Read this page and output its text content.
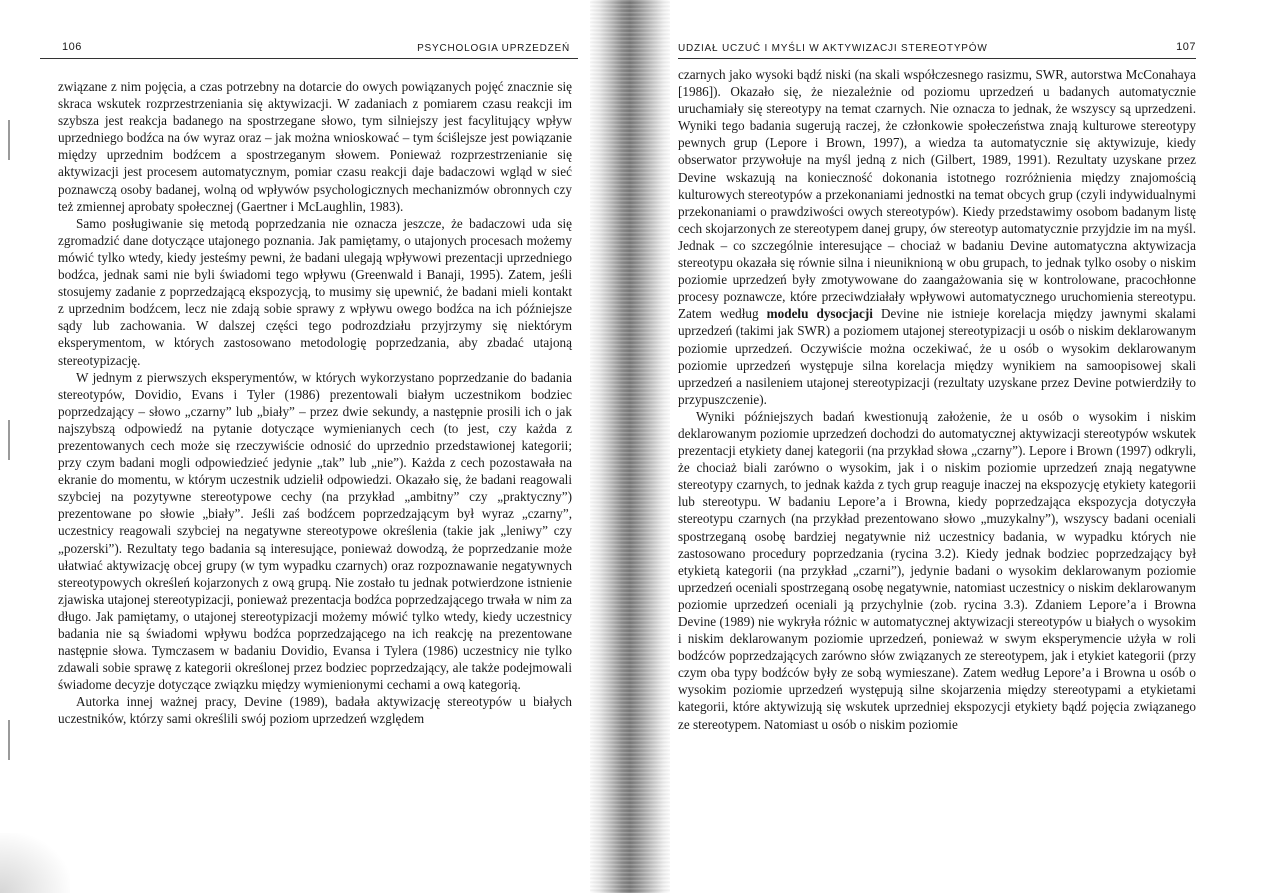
106	PSYCHOLOGIA UPRZEDZEŃ

związane z nim pojęcia, a czas potrzebny na dotarcie do owych powiązanych pojęć znacznie się skraca wskutek rozprzestrzeniania się aktywizacji. W zadaniach z pomiarem czasu reakcji im szybsza jest reakcja badanego na spostrzegane słowo, tym silniejszy jest facylitujący wpływ uprzedniego bodźca na ów wyraz oraz – jak można wnioskować – tym ściślejsze jest powiązanie między uprzednim bodźcem a spostrzeganym słowem. Ponieważ rozprzestrzenianie się aktywizacji jest procesem automatycznym, pomiar czasu reakcji daje badaczowi wgląd w sieć poznawczą osoby badanej, wolną od wpływów psychologicznych mechanizmów obronnych czy też zmiennej aprobaty społecznej (Gaertner i McLaughlin, 1983).

Samo posługiwanie się metodą poprzedzania nie oznacza jeszcze, że badaczowi uda się zgromadzić dane dotyczące utajonego poznania. Jak pamiętamy, o utajonych procesach możemy mówić tylko wtedy, kiedy jesteśmy pewni, że badani ulegają wpływowi prezentacji uprzedniego bodźca, jednak sami nie byli świadomi tego wpływu (Greenwald i Banaji, 1995). Zatem, jeśli stosujemy zadanie z poprzedzającą ekspozycją, to musimy się upewnić, że badani mieli kontakt z uprzednim bodźcem, lecz nie zdają sobie sprawy z wpływu owego bodźca na ich późniejsze sądy lub zachowania. W dalszej części tego podrozdziału przyjrzymy się niektórym eksperymentom, w których zastosowano metodologię poprzedzania, aby zbadać utajoną stereotypizację.

W jednym z pierwszych eksperymentów, w których wykorzystano poprzedzanie do badania stereotypów, Dovidio, Evans i Tyler (1986) prezentowali białym uczestnikom bodziec poprzedzający – słowo „czarny” lub „biały” – przez dwie sekundy, a następnie prosili ich o jak najszybszą odpowiedź na pytanie dotyczące wymienianych cech (to jest, czy każda z prezentowanych cech może się rzeczywiście odnosić do uprzednio przedstawionej kategorii; przy czym badani mogli odpowiedzieć jedynie „tak” lub „nie”). Każda z cech pozostawała na ekranie do momentu, w którym uczestnik udzielił odpowiedzi. Okazało się, że badani reagowali szybciej na pozytywne stereotypowe cechy (na przykład „ambitny” czy „praktyczny”) prezentowane po słowie „biały”. Jeśli zaś bodźcem poprzedzającym był wyraz „czarny”, uczestnicy reagowali szybciej na negatywne stereotypowe określenia (takie jak „leniwy” czy „pozerski”). Rezultaty tego badania są interesujące, ponieważ dowodzą, że poprzedzanie może ułatwiać aktywizację obcej grupy (w tym wypadku czarnych) oraz rozpoznawanie negatywnych stereotypowych określeń kojarzonych z ową grupą. Nie zostało tu jednak potwierdzone istnienie zjawiska utajonej stereotypizacji, ponieważ prezentacja bodźca poprzedzającego trwała w nim za długo. Jak pamiętamy, o utajonej stereotypizacji możemy mówić tylko wtedy, kiedy uczestnicy badania nie są świadomi wpływu bodźca poprzedzającego na ich reakcję na prezentowane następnie słowa. Tymczasem w badaniu Dovidio, Evansa i Tylera (1986) uczestnicy nie tylko zdawali sobie sprawę z kategorii określonej przez bodziec poprzedzający, ale także podejmowali świadome decyzje dotyczące związku między wymienionymi cechami a ową kategorią.

Autorka innej ważnej pracy, Devine (1989), badała aktywizację stereotypów u białych uczestników, którzy sami określili swój poziom uprzedzeń względem

UDZIAŁ UCZUĆ I MYŚLI W AKTYWIZACJI STEREOTYPÓW	107

czarnych jako wysoki bądź niski (na skali współczesnego rasizmu, SWR, autorstwa McConahaya [1986]). Okazało się, że niezależnie od poziomu uprzedzeń u badanych automatycznie uruchamiały się stereotypy na temat czarnych. Nie oznacza to jednak, że wszyscy są uprzedzeni. Wyniki tego badania sugerują raczej, że członkowie społeczeństwa znają kulturowe stereotypy pewnych grup (Lepore i Brown, 1997), a wiedza ta automatycznie się aktywizuje, kiedy obserwator przywołuje na myśl jedną z nich (Gilbert, 1989, 1991). Rezultaty uzyskane przez Devine wskazują na konieczność dokonania istotnego rozróżnienia między znajomością kulturowych stereotypów a przekonaniami jednostki na temat obcych grup (czyli indywidualnymi przekonaniami o prawdziwości owych stereotypów). Kiedy przedstawimy osobom badanym listę cech skojarzonych ze stereotypem danej grupy, ów stereotyp automatycznie przyjdzie im na myśl. Jednak – co szczególnie interesujące – chociaż w badaniu Devine automatyczna aktywizacja stereotypu okazała się równie silna i nieuniknioną w obu grupach, to jednak tylko osoby o niskim poziomie uprzedzeń były zmotywowane do zaangażowania się w kontrolowane, pracochłonne procesy poznawcze, które przeciwdziałały wpływowi automatycznego uruchomienia stereotypu. Zatem według modelu dysocjacji Devine nie istnieje korelacja między jawnymi skalami uprzedzeń (takimi jak SWR) a poziomem utajonej stereotypizacji u osób o niskim deklarowanym poziomie uprzedzeń. Oczywiście można oczekiwać, że u osób o wysokim deklarowanym poziomie uprzedzeń występuje silna korelacja między wynikiem na samoopisowej skali uprzedzeń a nasileniem utajonej stereotypizacji (rezultaty uzyskane przez Devine potwierdziły to przypuszczenie).

Wyniki późniejszych badań kwestionują założenie, że u osób o wysokim i niskim deklarowanym poziomie uprzedzeń dochodzi do automatycznej aktywizacji stereotypów wskutek prezentacji etykiety danej kategorii (na przykład słowa „czarny”). Lepore i Brown (1997) odkryli, że chociaż biali zarówno o wysokim, jak i o niskim poziomie uprzedzeń znają negatywne stereotypy czarnych, to jednak każda z tych grup reaguje inaczej na ekspozycję etykiety kategorii lub stereotypu. W badaniu Lepore’a i Browna, kiedy poprzedzająca ekspozycja dotyczyła stereotypu czarnych (na przykład prezentowano słowo „muzykalny”), wszyscy badani oceniali spostrzeganą osobę bardziej negatywnie niż uczestnicy badania, w wypadku których nie zastosowano procedury poprzedzania (rycina 3.2). Kiedy jednak bodziec poprzedzający był etykietą kategorii (na przykład „czarni”), jedynie badani o wysokim deklarowanym poziomie uprzedzeń oceniali spostrzeganą osobę negatywnie, natomiast uczestnicy o niskim deklarowanym poziomie uprzedzeń oceniali ją przychylnie (zob. rycina 3.3). Zdaniem Lepore’a i Browna Devine (1989) nie wykryła różnic w automatycznej aktywizacji stereotypów u białych o wysokim i niskim deklarowanym poziomie uprzedzeń, ponieważ w swym eksperymencie użyła w roli bodźców poprzedzających zarówno słów związanych ze stereotypem, jak i etykiet kategorii (przy czym oba typy bodźców były ze sobą wymieszane). Zatem według Lepore’a i Browna u osób o wysokim poziomie uprzedzeń występują silne skojarzenia między stereotypami a etykietami kategorii, które aktywizują się wskutek uprzedniej ekspozycji etykiety bądź pojęcia związanego ze stereotypem. Natomiast u osób o niskim poziomie
